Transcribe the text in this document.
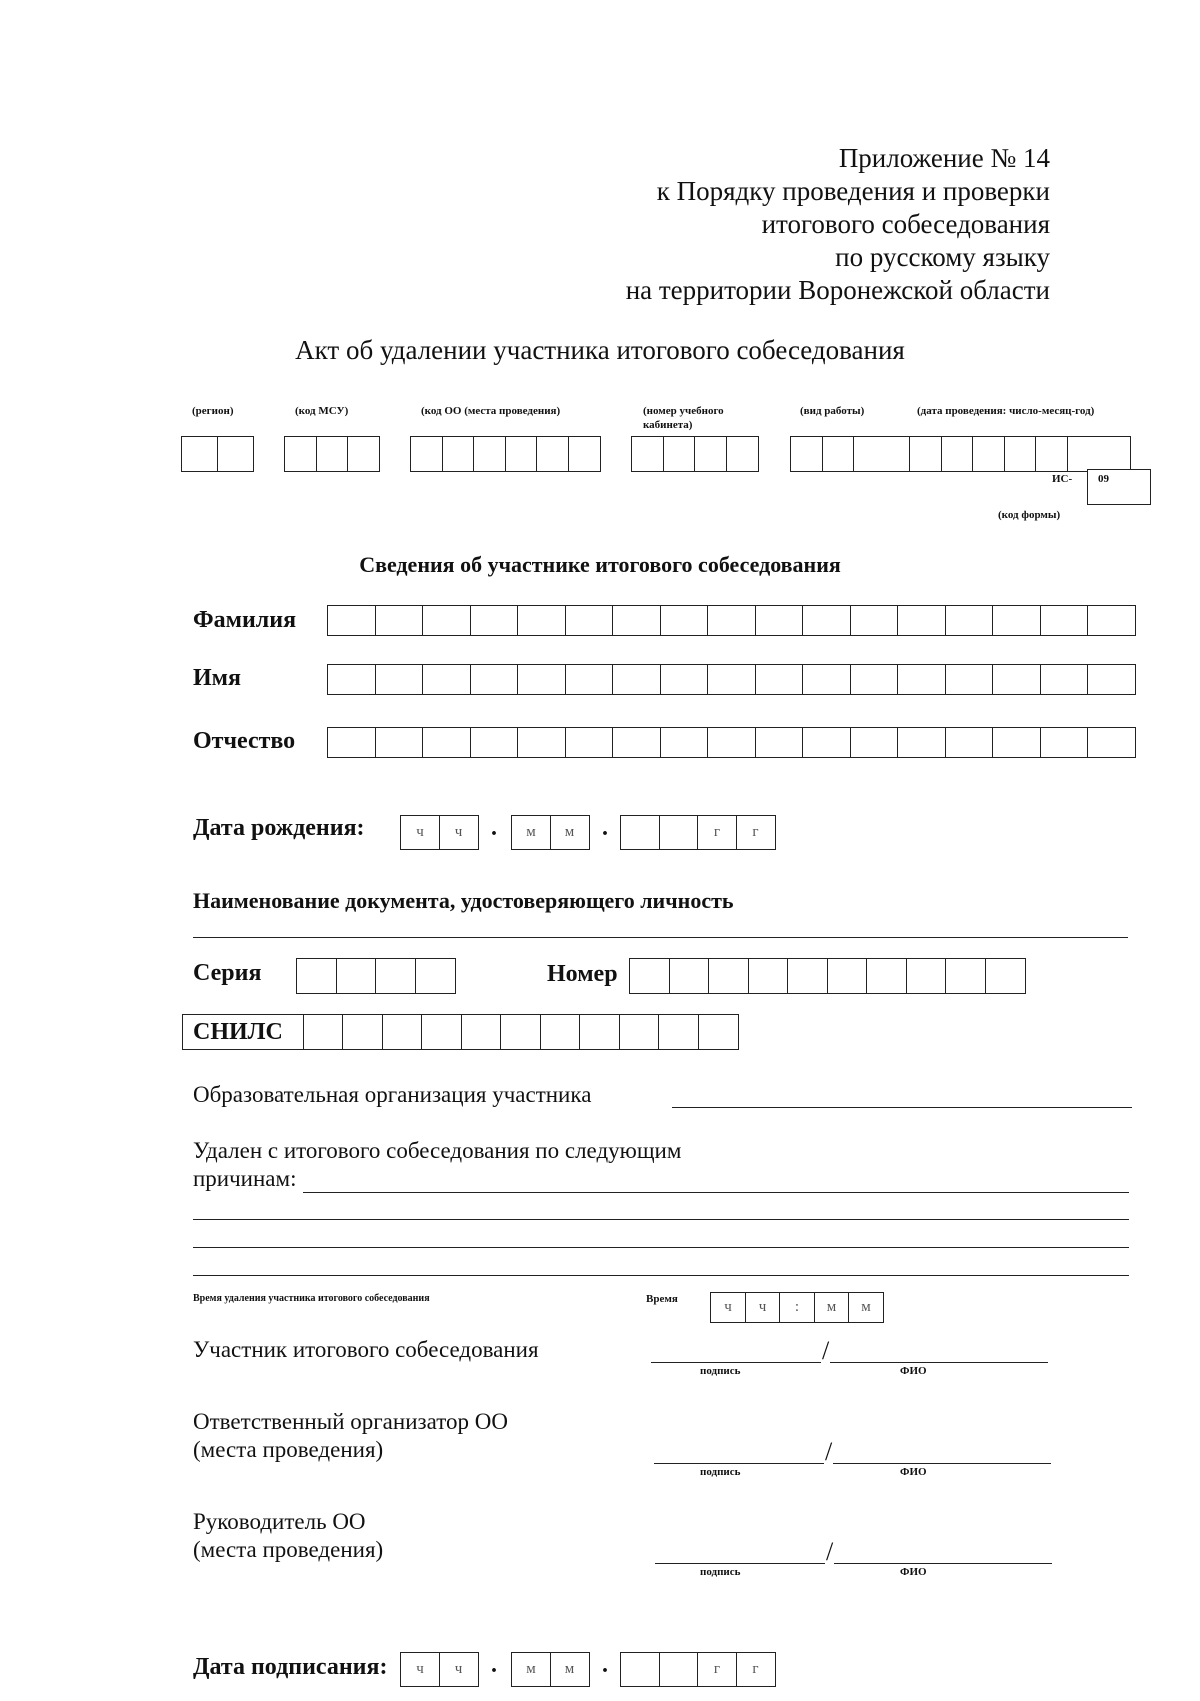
Приложение № 14
к Порядку проведения и проверки
итогового собеседования
по русскому языку
на территории Воронежской области
Акт об удалении участника итогового собеседования
(регион)	(код МСУ)	(код ОО (места проведения)	(номер учебного
кабинета)
(вид работы)	(дата проведения: число-месяц-год)
ИС-	09
(код формы)
Сведения об участнике итогового собеседования
Фамилия
Имя
Отчество
Дата рождения:	ч	ч	.	м	м	.	г	г
Наименование документа, удостоверяющего личность
Серия	Номер
СНИЛС
Образовательная организация участника
Удален с итогового собеседования по следующим
причинам:
Время удаления участника итогового собеседования	Время	ч	ч	:	м	м
Участник итогового собеседования	/
подпись	ФИО
Ответственный организатор ОО
(места проведения)	/
подпись	ФИО
Руководитель ОО
(места проведения)	/
подпись	ФИО
Дата подписания:	ч	ч	.	м	м	.	г	г
